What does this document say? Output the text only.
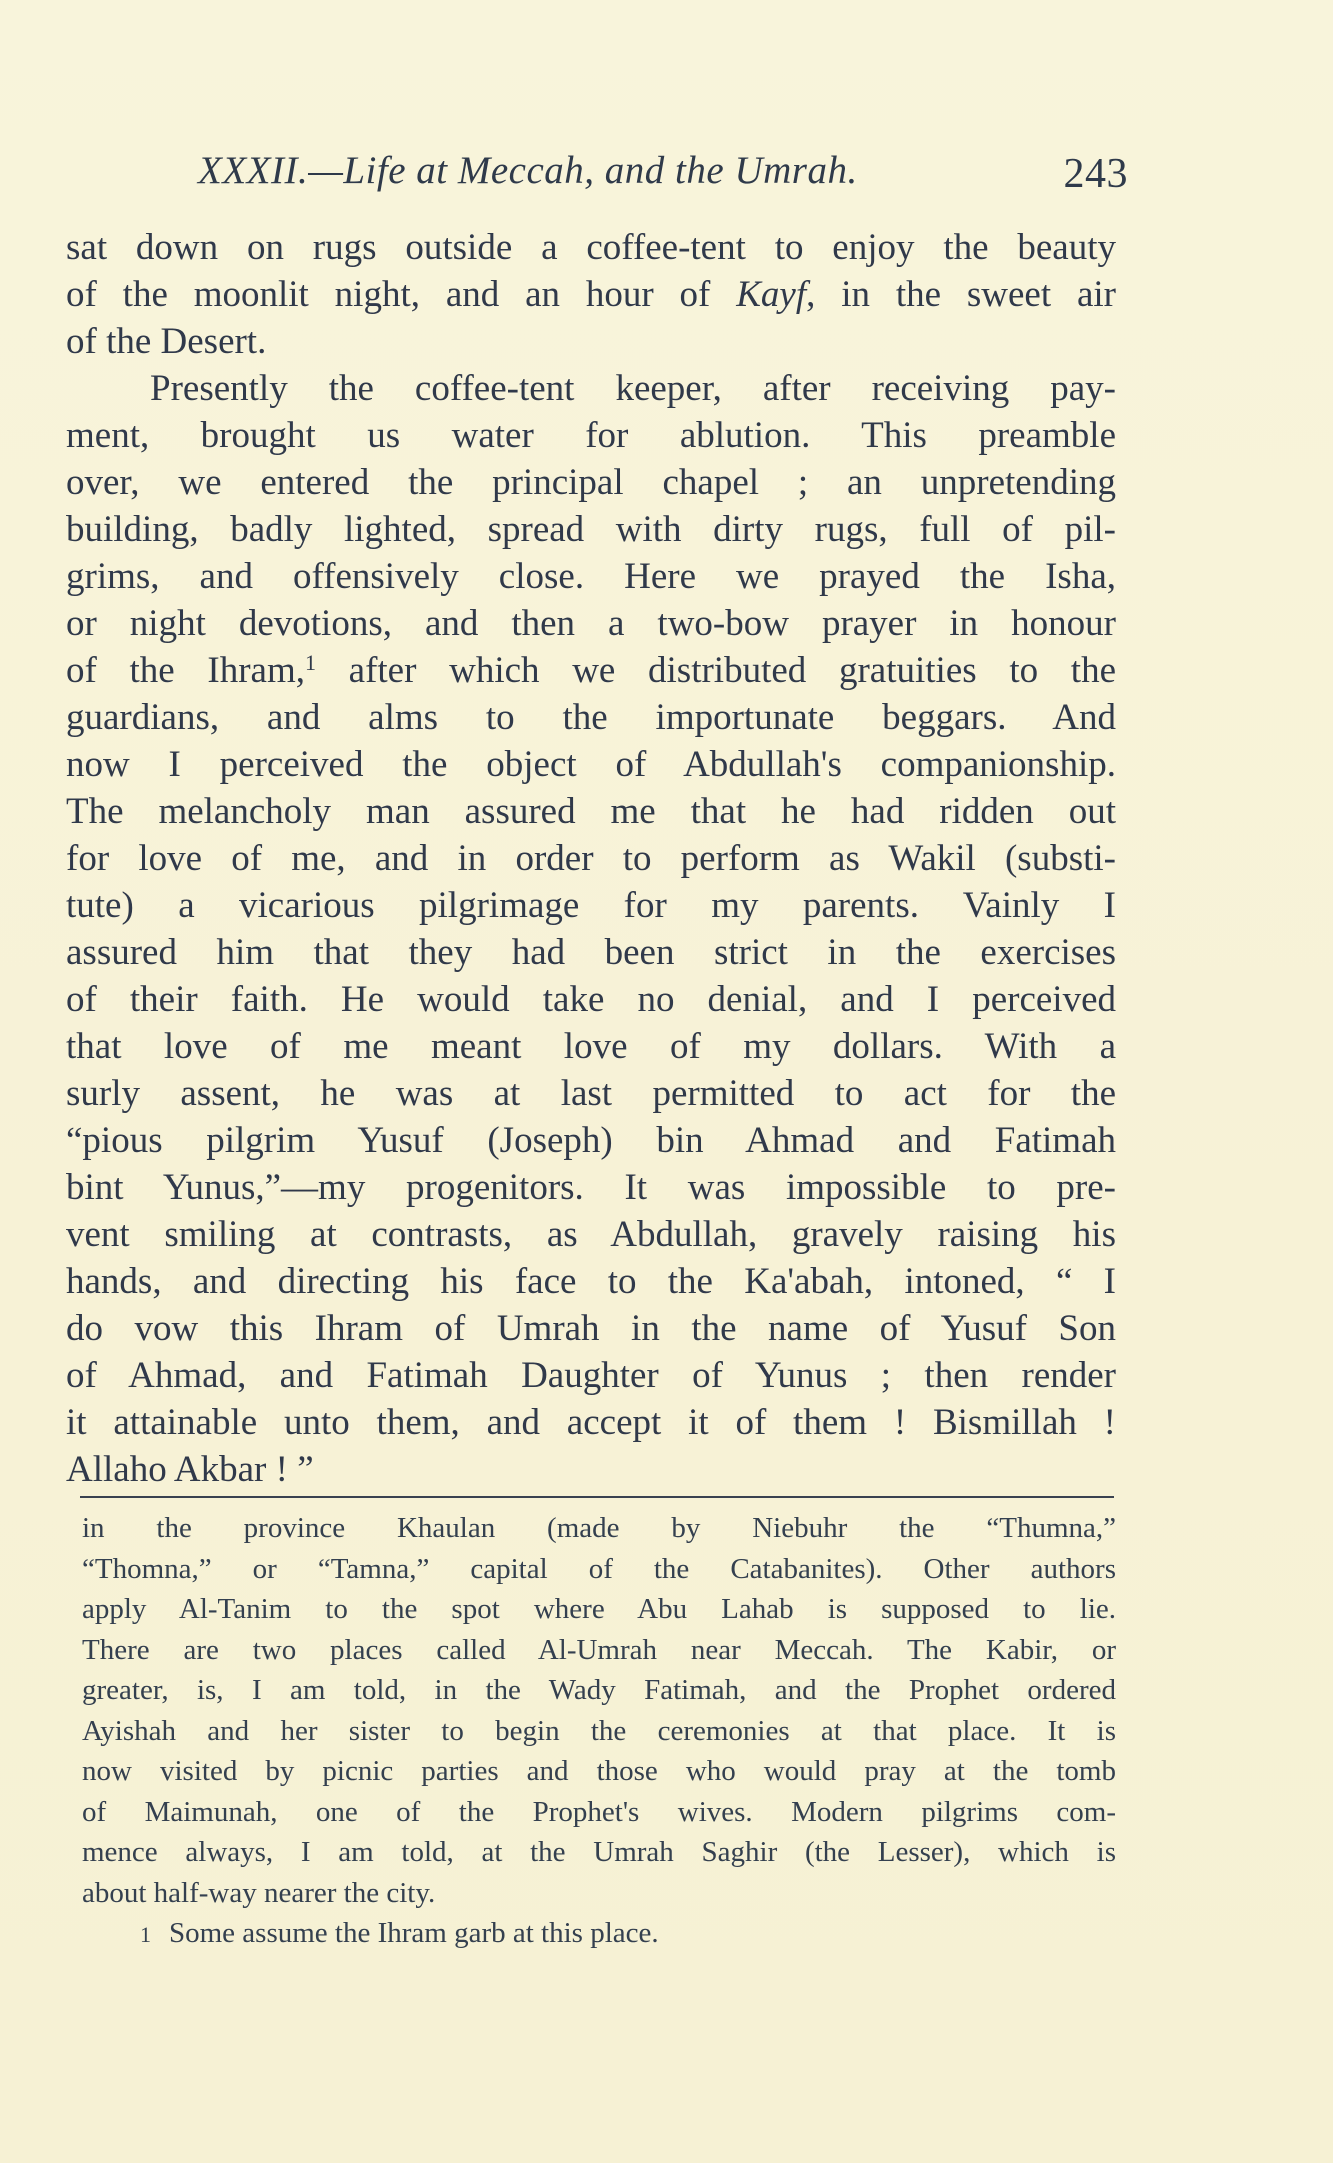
XXXII.—Life at Meccah, and the Umrah.	243

sat down on rugs outside a coffee-tent to enjoy the beauty
of the moonlit night, and an hour of Kayf, in the sweet air
of the Desert.

Presently the coffee-tent keeper, after receiving pay-
ment, brought us water for ablution. This preamble
over, we entered the principal chapel ; an unpretending
building, badly lighted, spread with dirty rugs, full of pil-
grims, and offensively close. Here we prayed the Isha,
or night devotions, and then a two-bow prayer in honour
of the Ihram,$^1$ after which we distributed gratuities to the
guardians, and alms to the importunate beggars. And
now I perceived the object of Abdullah's companionship.
The melancholy man assured me that he had ridden out
for love of me, and in order to perform as Wakil (substi-
tute) a vicarious pilgrimage for my parents. Vainly I
assured him that they had been strict in the exercises
of their faith. He would take no denial, and I perceived
that love of me meant love of my dollars. With a
surly assent, he was at last permitted to act for the
“pious pilgrim Yusuf (Joseph) bin Ahmad and Fatimah
bint Yunus,”—my progenitors. It was impossible to pre-
vent smiling at contrasts, as Abdullah, gravely raising his
hands, and directing his face to the Ka'abah, intoned, “ I
do vow this Ihram of Umrah in the name of Yusuf Son
of Ahmad, and Fatimah Daughter of Yunus ; then render
it attainable unto them, and accept it of them ! Bismillah !
Allaho Akbar ! ”

in the province Khaulan (made by Niebuhr the “Thumna,”
“Thomna,” or “Tamna,” capital of the Catabanites). Other authors
apply Al-Tanim to the spot where Abu Lahab is supposed to lie.
There are two places called Al-Umrah near Meccah. The Kabir, or
greater, is, I am told, in the Wady Fatimah, and the Prophet ordered
Ayishah and her sister to begin the ceremonies at that place. It is
now visited by picnic parties and those who would pray at the tomb
of Maimunah, one of the Prophet's wives. Modern pilgrims com-
mence always, I am told, at the Umrah Saghir (the Lesser), which is
about half-way nearer the city.
1 Some assume the Ihram garb at this place.
